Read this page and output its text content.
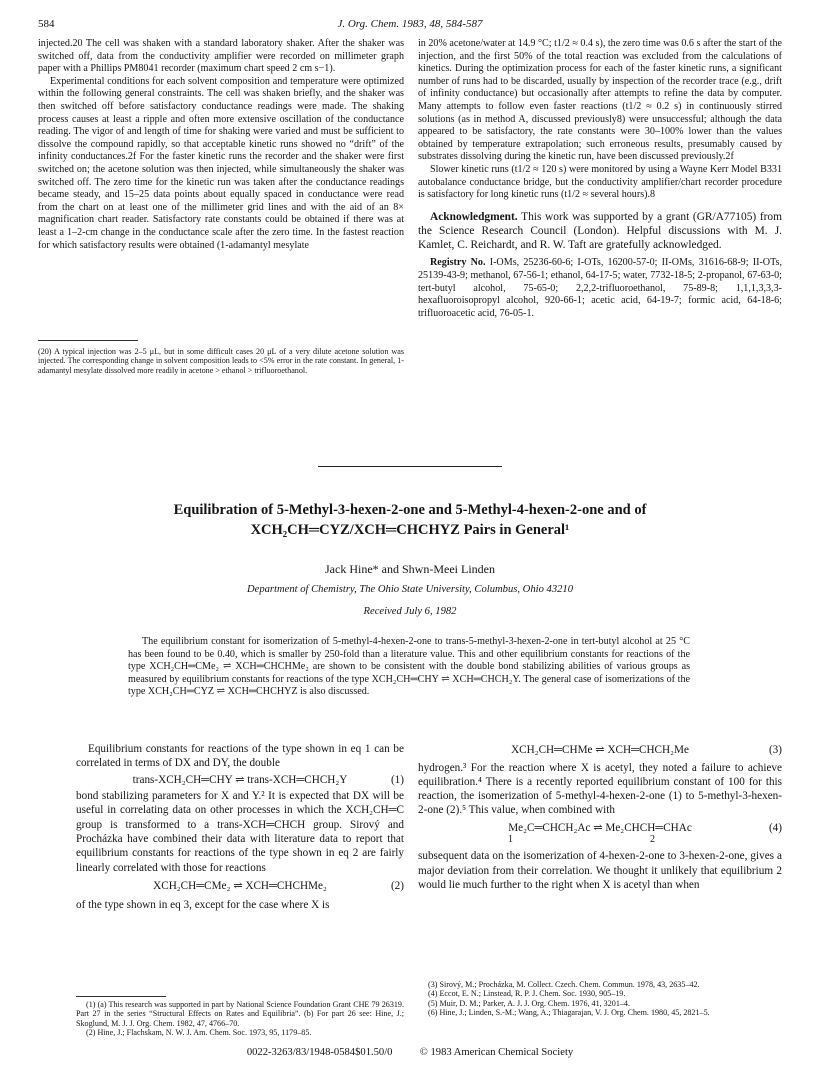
584	J. Org. Chem. 1983, 48, 584-587

injected.20 The cell was shaken with a standard laboratory shaker. After the shaker was switched off, data from the conductivity amplifier were recorded on millimeter graph paper with a Phillips PM8041 recorder (maximum chart speed 2 cm s−1).

Experimental conditions for each solvent composition and temperature were optimized within the following general constraints. The cell was shaken briefly, and the shaker was then switched off before satisfactory conductance readings were made. The shaking process causes at least a ripple and often more extensive oscillation of the conductance reading. The vigor of and length of time for shaking were varied and must be sufficient to dissolve the compound rapidly, so that acceptable kinetic runs showed no “drift” of the infinity conductances.2f For the faster kinetic runs the recorder and the shaker were first switched on; the acetone solution was then injected, while simultaneously the shaker was switched off. The zero time for the kinetic run was taken after the conductance readings became steady, and 15–25 data points about equally spaced in conductance were read from the chart on at least one of the millimeter grid lines and with the aid of an 8× magnification chart reader. Satisfactory rate constants could be obtained if there was at least a 1–2-cm change in the conductance scale after the zero time. In the fastest reaction for which satisfactory results were obtained (1-adamantyl mesylate

(20) A typical injection was 2–5 μL, but in some difficult cases 20 μL of a very dilute acetone solution was injected. The corresponding change in solvent composition leads to <5% error in the rate constant. In general, 1-adamantyl mesylate dissolved more readily in acetone > ethanol > trifluoroethanol.

in 20% acetone/water at 14.9 °C; t1/2 ≈ 0.4 s), the zero time was 0.6 s after the start of the injection, and the first 50% of the total reaction was excluded from the calculations of kinetics. During the optimization process for each of the faster kinetic runs, a significant number of runs had to be discarded, usually by inspection of the recorder trace (e.g., drift of infinity conductance) but occasionally after attempts to refine the data by computer. Many attempts to follow even faster reactions (t1/2 ≈ 0.2 s) in continuously stirred solutions (as in method A, discussed previously8) were unsuccessful; although the data appeared to be satisfactory, the rate constants were 30–100% lower than the values obtained by temperature extrapolation; such erroneous results, presumably caused by substrates dissolving during the kinetic run, have been discussed previously.2f

Slower kinetic runs (t1/2 ≈ 120 s) were monitored by using a Wayne Kerr Model B331 autobalance conductance bridge, but the conductivity amplifier/chart recorder procedure is satisfactory for long kinetic runs (t1/2 ≈ several hours).8

Acknowledgment. This work was supported by a grant (GR/A77105) from the Science Research Council (London). Helpful discussions with M. J. Kamlet, C. Reichardt, and R. W. Taft are gratefully acknowledged.

Registry No. I-OMs, 25236-60-6; I-OTs, 16200-57-0; II-OMs, 31616-68-9; II-OTs, 25139-43-9; methanol, 67-56-1; ethanol, 64-17-5; water, 7732-18-5; 2-propanol, 67-63-0; tert-butyl alcohol, 75-65-0; 2,2,2-trifluoroethanol, 75-89-8; 1,1,1,3,3,3-hexafluoroisopropyl alcohol, 920-66-1; acetic acid, 64-19-7; formic acid, 64-18-6; trifluoroacetic acid, 76-05-1.

Equilibration of 5-Methyl-3-hexen-2-one and 5-Methyl-4-hexen-2-one and of
XCH₂CH═CYZ/XCH═CHCHYZ Pairs in General¹
Jack Hine* and Shwn-Meei Linden
Department of Chemistry, The Ohio State University, Columbus, Ohio 43210
Received July 6, 1982
The equilibrium constant for isomerization of 5-methyl-4-hexen-2-one to trans-5-methyl-3-hexen-2-one in tert-butyl alcohol at 25 °C has been found to be 0.40, which is smaller by 250-fold than a literature value. This and other equilibrium constants for reactions of the type XCH₂CH═CMe₂ ⇌ XCH═CHCHMe₂ are shown to be consistent with the double bond stabilizing abilities of various groups as measured by equilibrium constants for reactions of the type XCH₂CH═CHY ⇌ XCH═CHCH₂Y. The general case of isomerizations of the type XCH₂CH═CYZ ⇌ XCH═CHCHYZ is also discussed.

Equilibrium constants for reactions of the type shown in eq 1 can be correlated in terms of DX and DY, the double

trans-XCH₂CH═CHY ⇌ trans-XCH═CHCH₂Y	(1)

bond stabilizing parameters for X and Y.² It is expected that DX will be useful in correlating data on other processes in which the XCH₂CH═C group is transformed to a trans-XCH═CHCH group. Sirový and Procházka have combined their data with literature data to report that equilibrium constants for reactions of the type shown in eq 2 are fairly linearly correlated with those for reactions

XCH₂CH═CMe₂ ⇌ XCH═CHCHMe₂	(2)

of the type shown in eq 3, except for the case where X is

XCH₂CH═CHMe ⇌ XCH═CHCH₂Me	(3)

hydrogen.³ For the reaction where X is acetyl, they noted a failure to achieve equilibration.⁴ There is a recently reported equilibrium constant of 100 for this reaction, the isomerization of 5-methyl-4-hexen-2-one (1) to 5-methyl-3-hexen-2-one (2).⁵ This value, when combined with

Me₂C═CHCH₂Ac ⇌ Me₂CHCH═CHAc	(4)
1	2

subsequent data on the isomerization of 4-hexen-2-one to 3-hexen-2-one, gives a major deviation from their correlation. We thought it unlikely that equilibrium 2 would lie much further to the right when X is acetyl than when

(1) (a) This research was supported in part by National Science Foundation Grant CHE 79 26319. Part 27 in the series “Structural Effects on Rates and Equilibria”. (b) For part 26 see: Hine, J.; Skoglund, M. J. J. Org. Chem. 1982, 47, 4766–70.

(2) Hine, J.; Flachskam, N. W. J. Am. Chem. Soc. 1973, 95, 1179–85.

(3) Sirový, M.; Procházka, M. Collect. Czech. Chem. Commun. 1978, 43, 2635–42.

(4) Eccot, E. N.; Linstead, R. P. J. Chem. Soc. 1930, 905–19.

(5) Muir, D. M.; Parker, A. J. J. Org. Chem. 1976, 41, 3201–4.

(6) Hine, J.; Linden, S.-M.; Wang, A.; Thiagarajan, V. J. Org. Chem. 1980, 45, 2821–5.

0022-3263/83/1948-0584$01.50/0	© 1983 American Chemical Society
